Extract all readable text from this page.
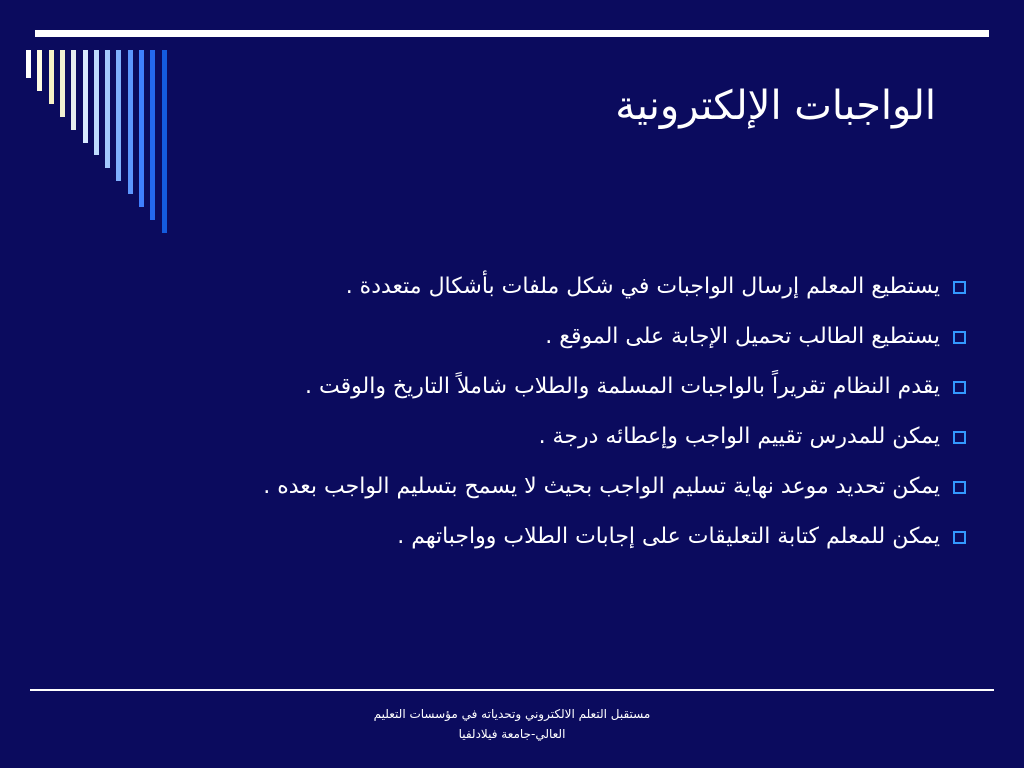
الواجبات الإلكترونية
يستطيع المعلم إرسال الواجبات في شكل ملفات بأشكال متعددة .
يستطيع الطالب تحميل الإجابة على الموقع .
يقدم النظام تقريراً بالواجبات المسلمة والطلاب شاملاً التاريخ والوقت .
يمكن للمدرس تقييم الواجب وإعطائه درجة .
يمكن تحديد موعد نهاية تسليم الواجب بحيث لا يسمح بتسليم الواجب بعده .
يمكن للمعلم كتابة التعليقات على إجابات الطلاب وواجباتهم .
مستقبل التعلم الالكتروني وتحدياته في مؤسسات التعليم
العالي-جامعة فيلادلفيا
